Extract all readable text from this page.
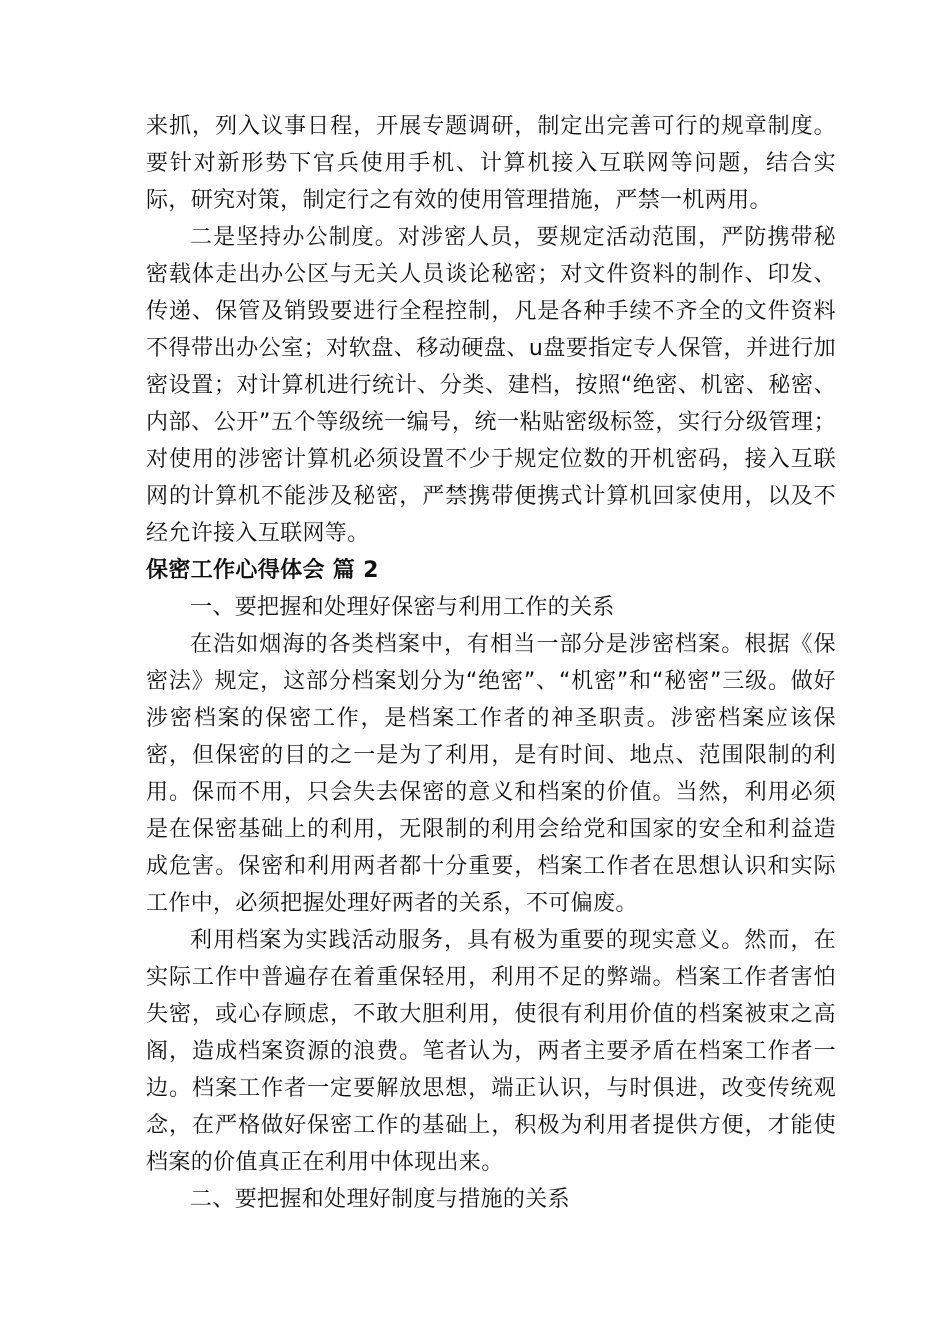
来抓，列入议事日程，开展专题调研，制定出完善可行的规章制度。要针对新形势下官兵使用手机、计算机接入互联网等问题，结合实际，研究对策，制定行之有效的使用管理措施，严禁一机两用。

二是坚持办公制度。对涉密人员，要规定活动范围，严防携带秘密载体走出办公区与无关人员谈论秘密；对文件资料的制作、印发、传递、保管及销毁要进行全程控制，凡是各种手续不齐全的文件资料不得带出办公室；对软盘、移动硬盘、u盘要指定专人保管，并进行加密设置；对计算机进行统计、分类、建档，按照“绝密、机密、秘密、内部、公开”五个等级统一编号，统一粘贴密级标签，实行分级管理；对使用的涉密计算机必须设置不少于规定位数的开机密码，接入互联网的计算机不能涉及秘密，严禁携带便携式计算机回家使用，以及不经允许接入互联网等。

保密工作心得体会 篇 2

一、要把握和处理好保密与利用工作的关系

在浩如烟海的各类档案中，有相当一部分是涉密档案。根据《保密法》规定，这部分档案划分为“绝密”、“机密”和“秘密”三级。做好涉密档案的保密工作，是档案工作者的神圣职责。涉密档案应该保密，但保密的目的之一是为了利用，是有时间、地点、范围限制的利用。保而不用，只会失去保密的意义和档案的价值。当然，利用必须是在保密基础上的利用，无限制的利用会给党和国家的安全和利益造成危害。保密和利用两者都十分重要，档案工作者在思想认识和实际工作中，必须把握处理好两者的关系，不可偏废。

利用档案为实践活动服务，具有极为重要的现实意义。然而，在实际工作中普遍存在着重保轻用，利用不足的弊端。档案工作者害怕失密，或心存顾虑，不敢大胆利用，使很有利用价值的档案被束之高阁，造成档案资源的浪费。笔者认为，两者主要矛盾在档案工作者一边。档案工作者一定要解放思想，端正认识，与时俱进，改变传统观念，在严格做好保密工作的基础上，积极为利用者提供方便，才能使档案的价值真正在利用中体现出来。

二、要把握和处理好制度与措施的关系
